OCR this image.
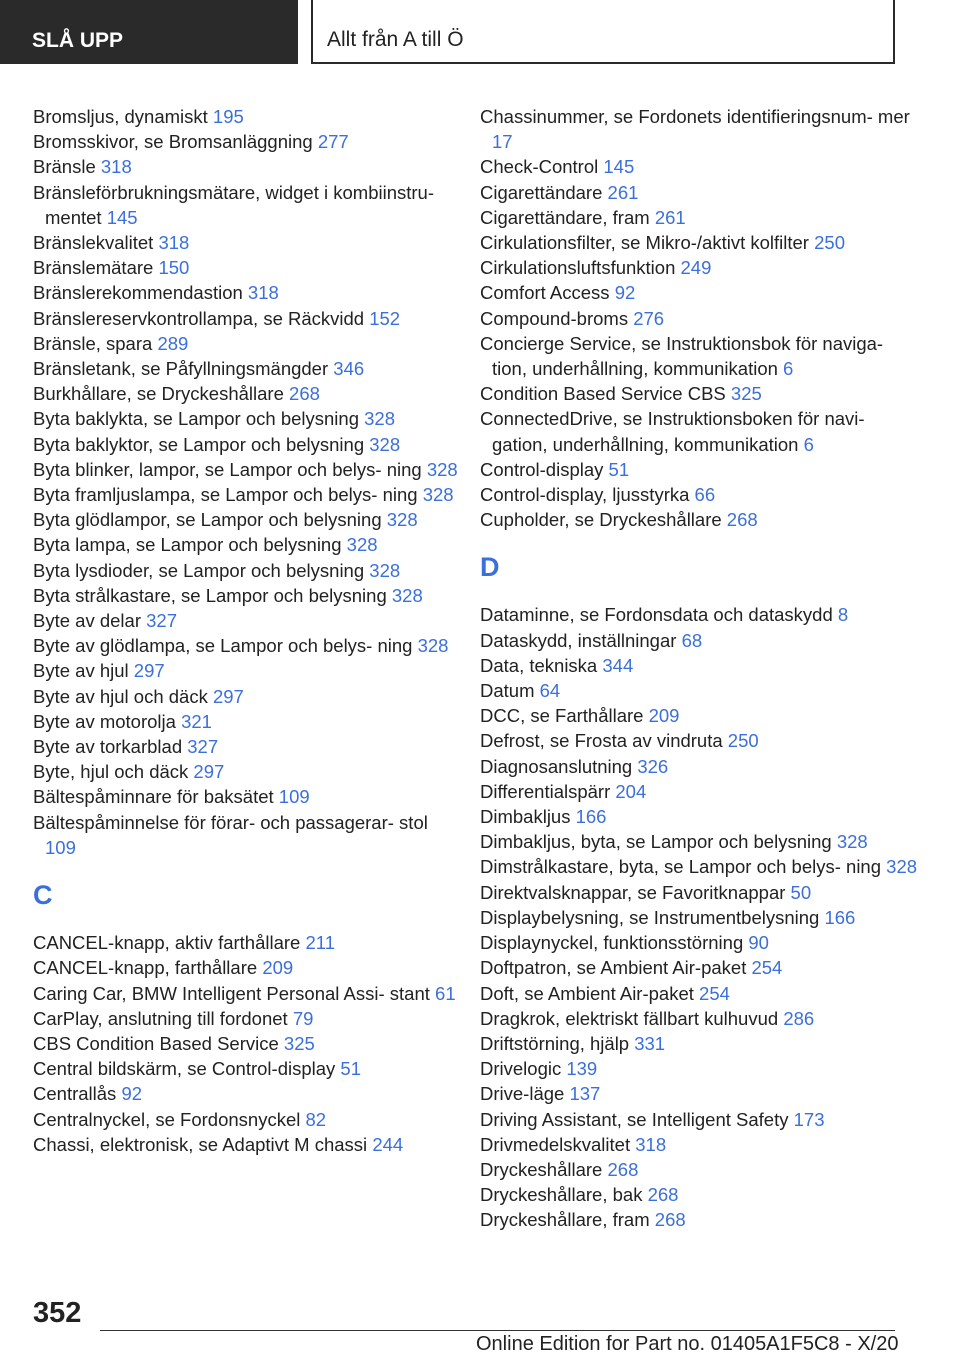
SLÅ UPP	Allt från A till Ö
Bromsljus, dynamiskt 195
Bromsskivor, se Bromsanläggning 277
Bränsle 318
Bränsleförbrukningsmätare, widget i kombiinstru- mentet 145
Bränslekvalitet 318
Bränslemätare 150
Bränslerekommendastion 318
Bränslereservkontrollampa, se Räckvidd 152
Bränsle, spara 289
Bränsletank, se Påfyllningsmängder 346
Burkhållare, se Dryckeshållare 268
Byta baklykta, se Lampor och belysning 328
Byta baklyktor, se Lampor och belysning 328
Byta blinker, lampor, se Lampor och belys- ning 328
Byta framljuslampa, se Lampor och belys- ning 328
Byta glödlampor, se Lampor och belysning 328
Byta lampa, se Lampor och belysning 328
Byta lysdioder, se Lampor och belysning 328
Byta strålkastare, se Lampor och belysning 328
Byte av delar 327
Byte av glödlampa, se Lampor och belys- ning 328
Byte av hjul 297
Byte av hjul och däck 297
Byte av motorolja 321
Byte av torkarblad 327
Byte, hjul och däck 297
Bältespåminnare för baksätet 109
Bältespåminnelse för förar- och passagerar- stol 109
C
CANCEL-knapp, aktiv farthållare 211
CANCEL-knapp, farthållare 209
Caring Car, BMW Intelligent Personal Assi- stant 61
CarPlay, anslutning till fordonet 79
CBS Condition Based Service 325
Central bildskärm, se Control-display 51
Centrallås 92
Centralnyckel, se Fordonsnyckel 82
Chassi, elektronisk, se Adaptivt M chassi 244
Chassinummer, se Fordonets identifieringsnum- mer 17
Check-Control 145
Cigarettändare 261
Cigarettändare, fram 261
Cirkulationsfilter, se Mikro-/aktivt kolfilter 250
Cirkulationsluftsfunktion 249
Comfort Access 92
Compound-broms 276
Concierge Service, se Instruktionsbok för naviga- tion, underhållning, kommunikation 6
Condition Based Service CBS 325
ConnectedDrive, se Instruktionsboken för navi- gation, underhållning, kommunikation 6
Control-display 51
Control-display, ljusstyrka 66
Cupholder, se Dryckeshållare 268
D
Dataminne, se Fordonsdata och dataskydd 8
Dataskydd, inställningar 68
Data, tekniska 344
Datum 64
DCC, se Farthållare 209
Defrost, se Frosta av vindruta 250
Diagnosanslutning 326
Differentialspärr 204
Dimbakljus 166
Dimbakljus, byta, se Lampor och belysning 328
Dimstrålkastare, byta, se Lampor och belys- ning 328
Direktvalsknappar, se Favoritknappar 50
Displaybelysning, se Instrumentbelysning 166
Displaynyckel, funktionsstörning 90
Doftpatron, se Ambient Air-paket 254
Doft, se Ambient Air-paket 254
Dragkrok, elektriskt fällbart kulhuvud 286
Driftstörning, hjälp 331
Drivelogic 139
Drive-läge 137
Driving Assistant, se Intelligent Safety 173
Drivmedelskvalitet 318
Dryckeshållare 268
Dryckeshållare, bak 268
Dryckeshållare, fram 268
352
Online Edition for Part no. 01405A1F5C8 - X/20
